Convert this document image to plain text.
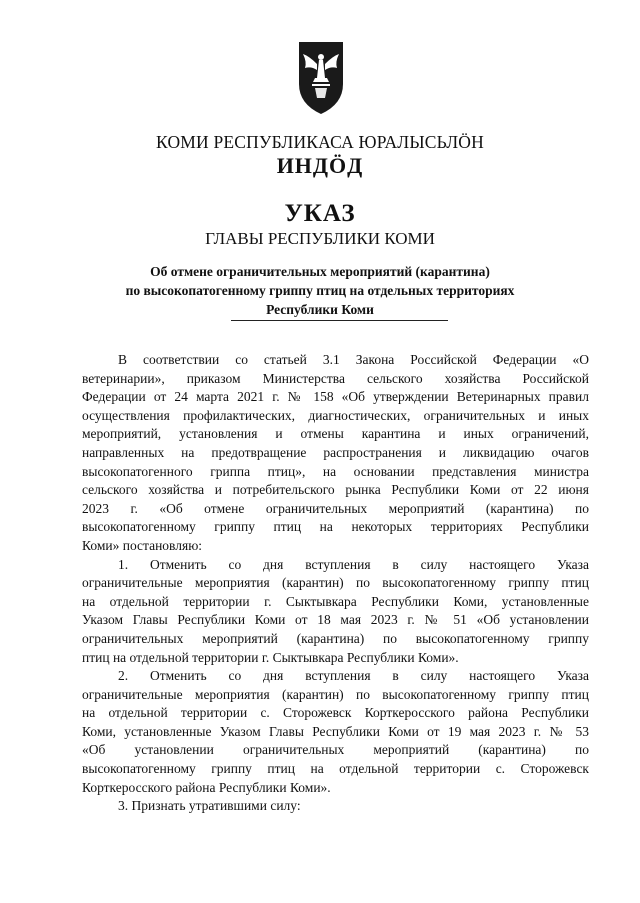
КОМИ РЕСПУБЛИКАСА ЮРАЛЫСЬЛӦН
ИНДӦД
УКАЗ
ГЛАВЫ РЕСПУБЛИКИ КОМИ
Об отмене ограничительных мероприятий (карантина)
по высокопатогенному гриппу птиц на отдельных территориях
Республики Коми
В соответствии со статьей 3.1 Закона Российской Федерации «О
ветеринарии», приказом Министерства сельского хозяйства Российской
Федерации от 24 марта 2021 г. № 158 «Об утверждении Ветеринарных правил
осуществления профилактических, диагностических, ограничительных и иных
мероприятий, установления и отмены карантина и иных ограничений,
направленных на предотвращение распространения и ликвидацию очагов
высокопатогенного гриппа птиц», на основании представления министра
сельского хозяйства и потребительского рынка Республики Коми от 22 июня
2023 г. «Об отмене ограничительных мероприятий (карантина) по
высокопатогенному гриппу птиц на некоторых территориях Республики
Коми» постановляю:
1. Отменить со дня вступления в силу настоящего Указа
ограничительные мероприятия (карантин) по высокопатогенному гриппу птиц
на отдельной территории г. Сыктывкара Республики Коми, установленные
Указом Главы Республики Коми от 18 мая 2023 г. № 51 «Об установлении
ограничительных мероприятий (карантина) по высокопатогенному гриппу
птиц на отдельной территории г. Сыктывкара Республики Коми».
2. Отменить со дня вступления в силу настоящего Указа
ограничительные мероприятия (карантин) по высокопатогенному гриппу птиц
на отдельной территории с. Сторожевск Корткеросского района Республики
Коми, установленные Указом Главы Республики Коми от 19 мая 2023 г. № 53
«Об установлении ограничительных мероприятий (карантина) по
высокопатогенному гриппу птиц на отдельной территории с. Сторожевск
Корткеросского района Республики Коми».
3. Признать утратившими силу:
